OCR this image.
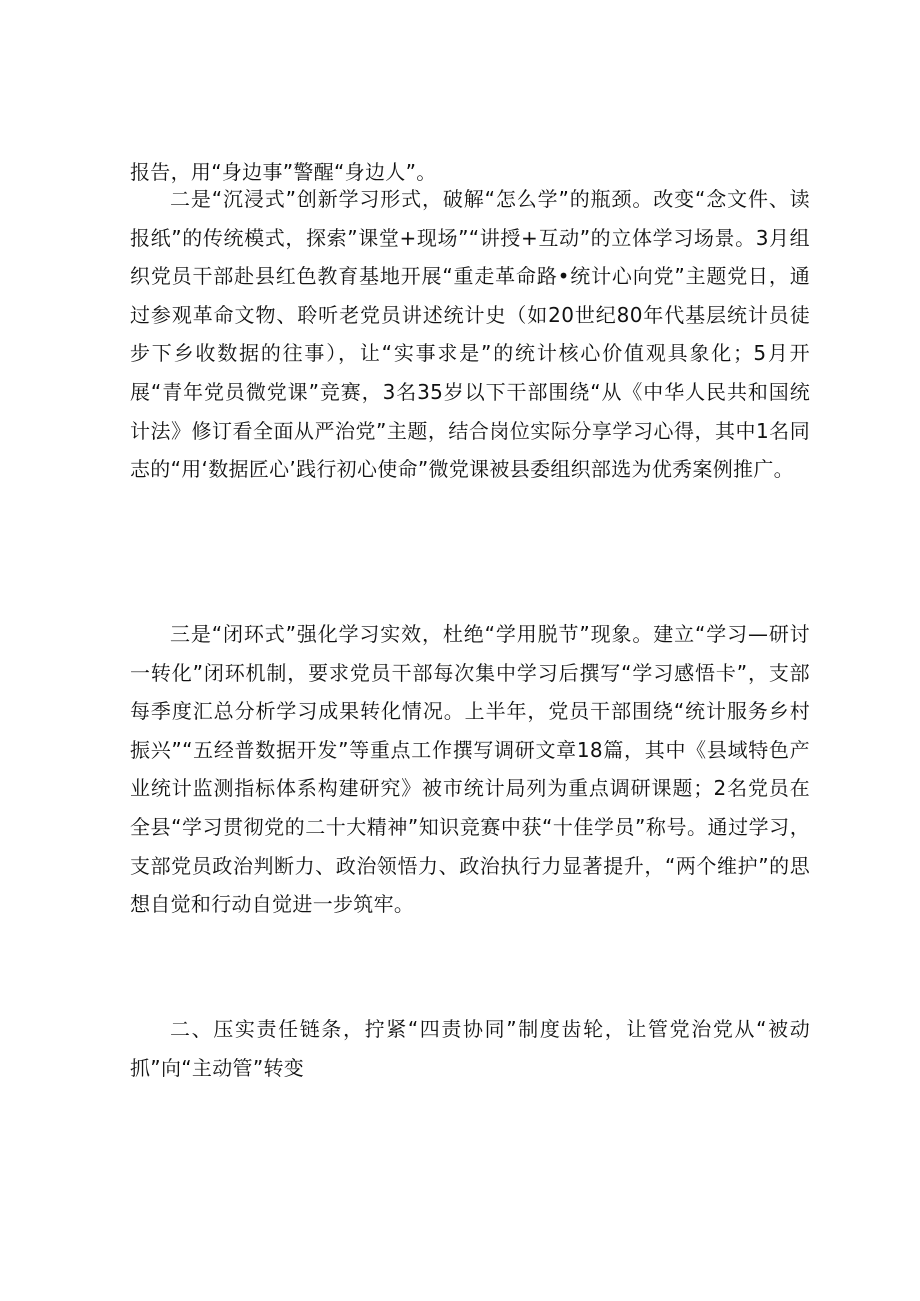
报告，用“身边事”警醒“身边人”。

二是“沉浸式”创新学习形式，破解“怎么学”的瓶颈。改变“念文件、读报纸”的传统模式，探索”课堂+现场”“讲授+互动”的立体学习场景。3月组织党员干部赴县红色教育基地开展“重走革命路•统计心向党”主题党日，通过参观革命文物、聆听老党员讲述统计史（如20世纪80年代基层统计员徒步下乡收数据的往事），让“实事求是”的统计核心价值观具象化；5月开展“青年党员微党课”竞赛，3名35岁以下干部围绕“从《中华人民共和国统计法》修订看全面从严治党”主题，结合岗位实际分享学习心得，其中1名同志的“用‘数据匠心’践行初心使命”微党课被县委组织部选为优秀案例推广。

三是“闭环式”强化学习实效，杜绝“学用脱节”现象。建立“学习—研讨一转化”闭环机制，要求党员干部每次集中学习后撰写“学习感悟卡”，支部每季度汇总分析学习成果转化情况。上半年，党员干部围绕“统计服务乡村振兴”“五经普数据开发”等重点工作撰写调研文章18篇，其中《县域特色产业统计监测指标体系构建研究》被市统计局列为重点调研课题；2名党员在全县“学习贯彻党的二十大精神”知识竞赛中获“十佳学员”称号。通过学习，支部党员政治判断力、政治领悟力、政治执行力显著提升，“两个维护”的思想自觉和行动自觉进一步筑牢。

二、压实责任链条，拧紧“四责协同”制度齿轮，让管党治党从“被动抓”向“主动管”转变
